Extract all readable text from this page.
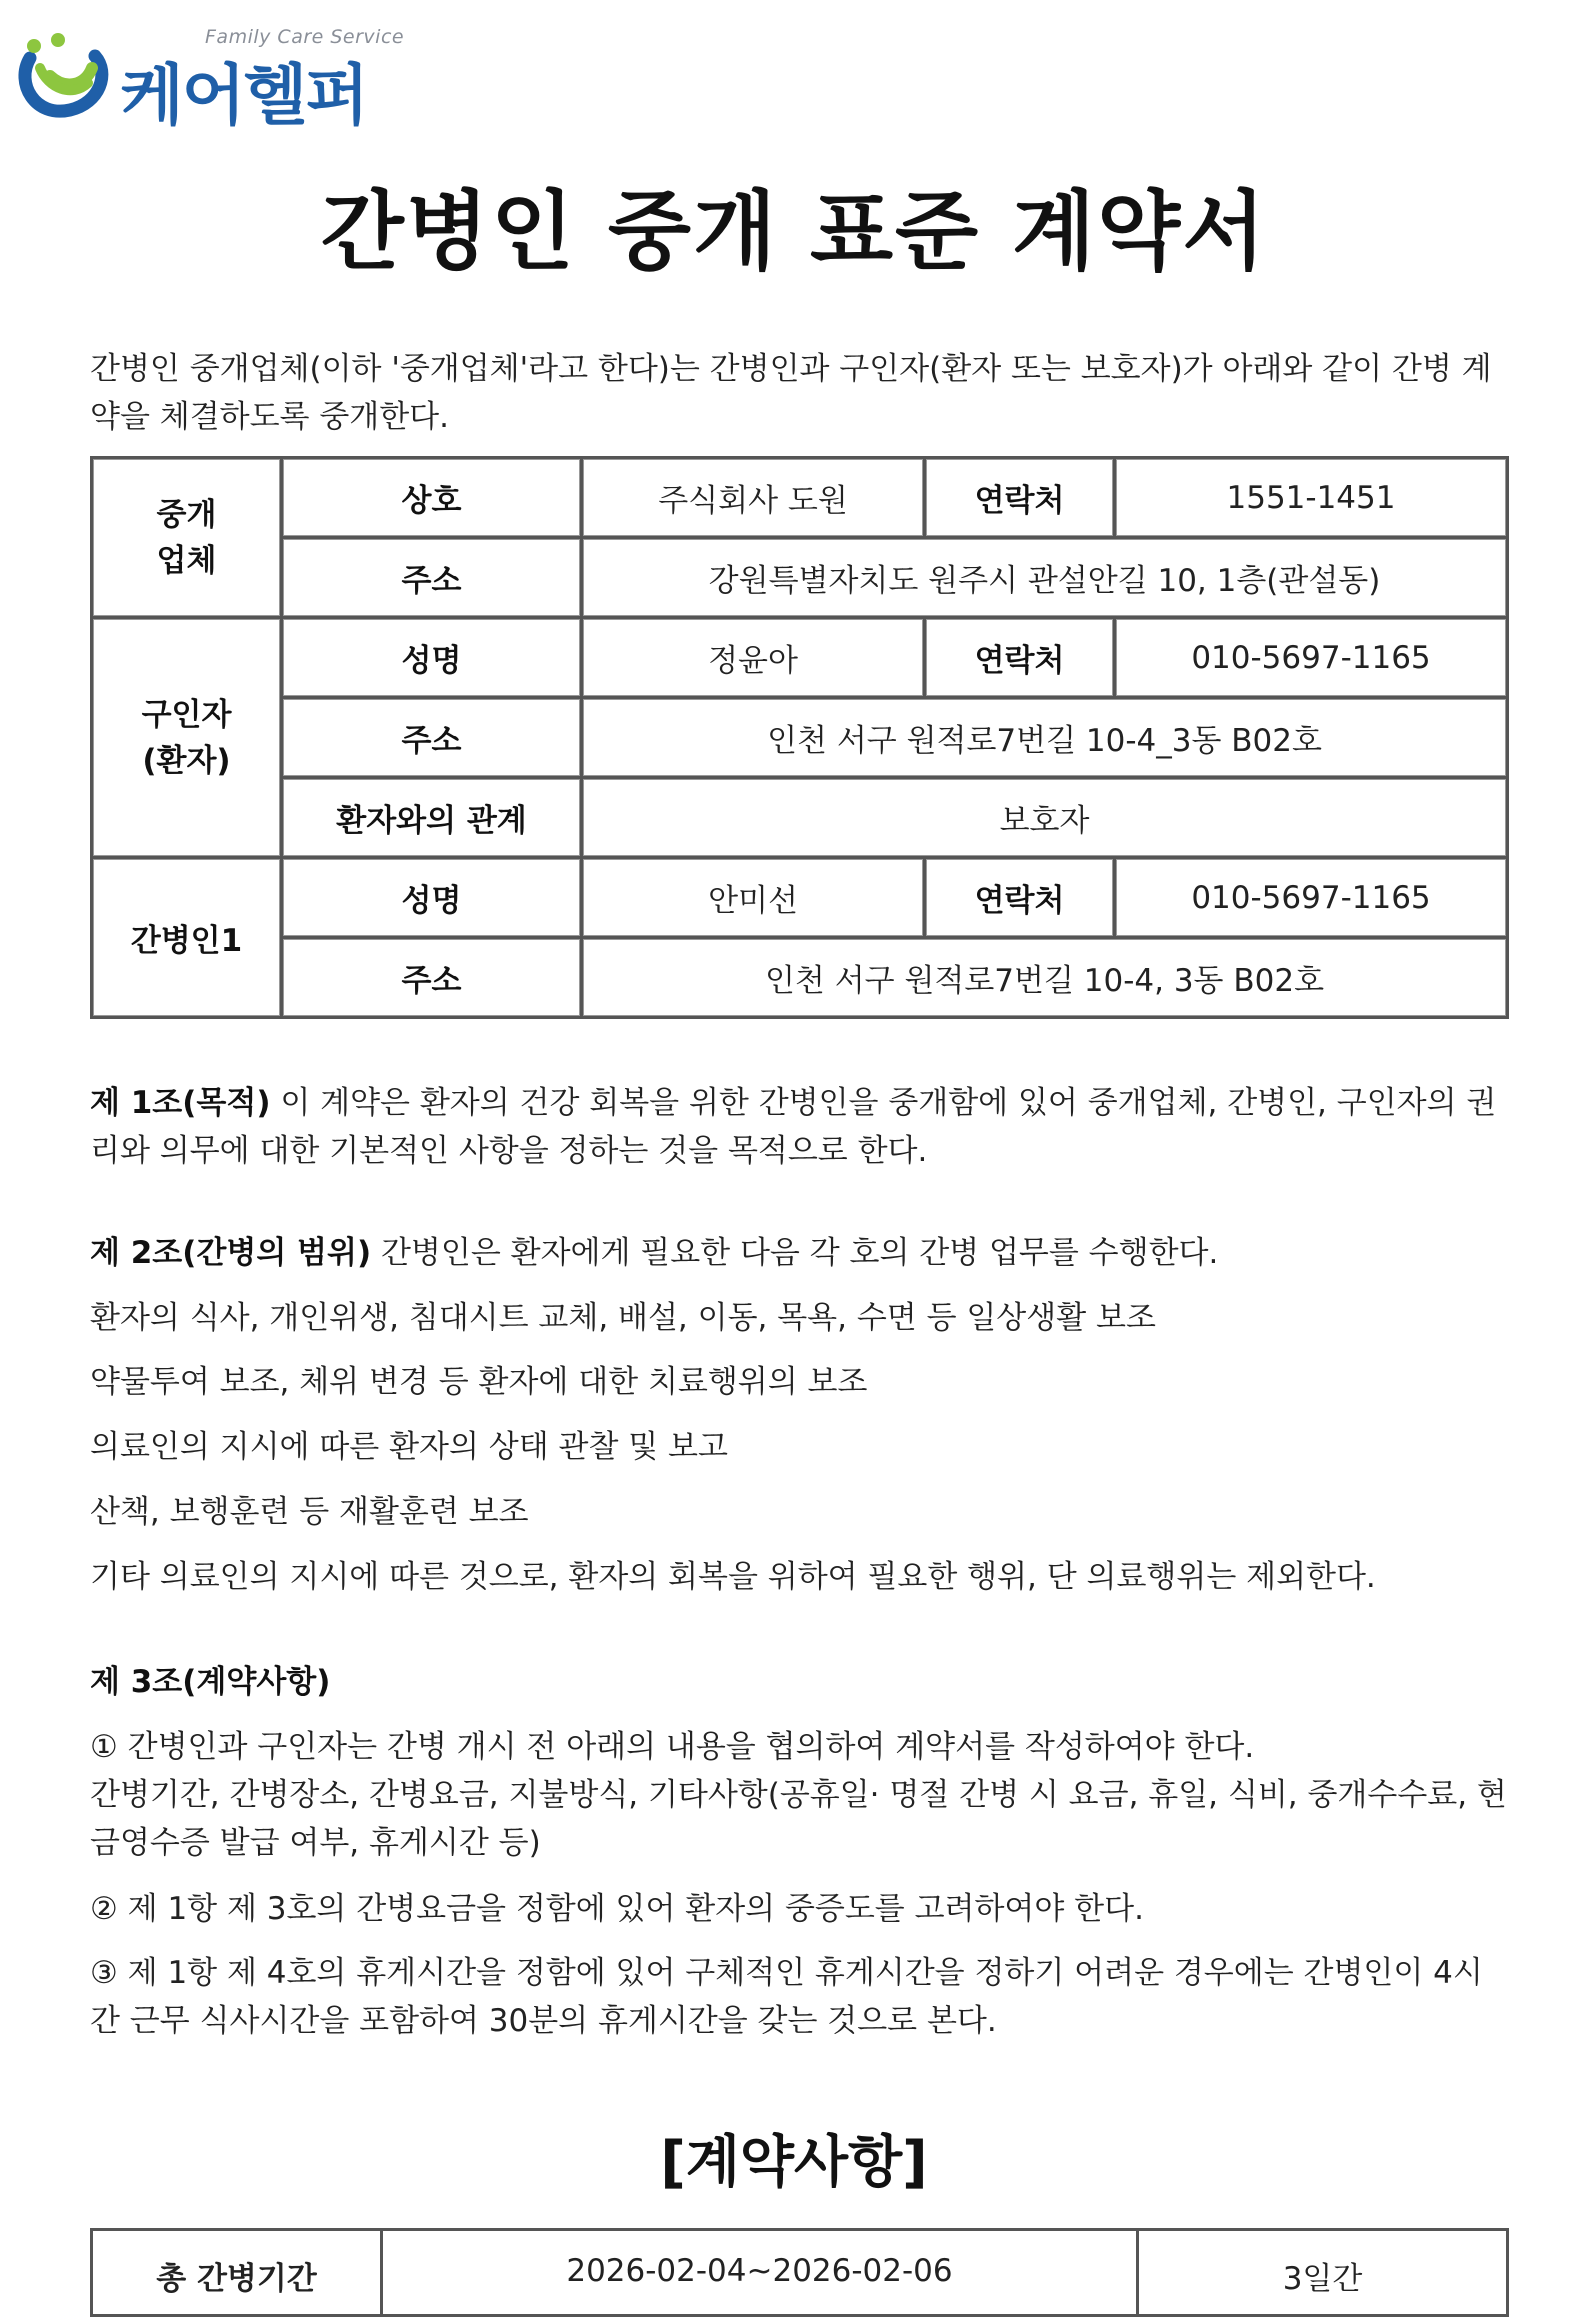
Family Care Service
케어헬퍼
간병인 중개 표준 계약서
간병인 중개업체(이하 '중개업체'라고 한다)는 간병인과 구인자(환자 또는 보호자)가 아래와 같이 간병 계약을 체결하도록 중개한다.
중개
업체	상호	주식회사 도원	연락처	1551-1451
	주소	강원특별자치도 원주시 관설안길 10, 1층(관설동)		
구인자
(환자)	성명	정윤아	연락처	010-5697-1165
	주소	인천 서구 원적로7번길 10-4_3동 B02호		
	환자와의 관계	보호자		
간병인1	성명	안미선	연락처	010-5697-1165
	주소	인천 서구 원적로7번길 10-4, 3동 B02호		
제 1조(목적) 이 계약은 환자의 건강 회복을 위한 간병인을 중개함에 있어 중개업체, 간병인, 구인자의 권리와 의무에 대한 기본적인 사항을 정하는 것을 목적으로 한다.
제 2조(간병의 범위) 간병인은 환자에게 필요한 다음 각 호의 간병 업무를 수행한다.
환자의 식사, 개인위생, 침대시트 교체, 배설, 이동, 목욕, 수면 등 일상생활 보조
약물투여 보조, 체위 변경 등 환자에 대한 치료행위의 보조
의료인의 지시에 따른 환자의 상태 관찰 및 보고
산책, 보행훈련 등 재활훈련 보조
기타 의료인의 지시에 따른 것으로, 환자의 회복을 위하여 필요한 행위, 단 의료행위는 제외한다.
제 3조(계약사항)
① 간병인과 구인자는 간병 개시 전 아래의 내용을 협의하여 계약서를 작성하여야 한다.
간병기간, 간병장소, 간병요금, 지불방식, 기타사항(공휴일· 명절 간병 시 요금, 휴일, 식비, 중개수수료, 현금영수증 발급 여부, 휴게시간 등)
② 제 1항 제 3호의 간병요금을 정함에 있어 환자의 중증도를 고려하여야 한다.
③ 제 1항 제 4호의 휴게시간을 정함에 있어 구체적인 휴게시간을 정하기 어려운 경우에는 간병인이 4시간 근무 식사시간을 포함하여 30분의 휴게시간을 갖는 것으로 본다.
[계약사항]
총 간병기간	2026-02-04~2026-02-06	3일간
